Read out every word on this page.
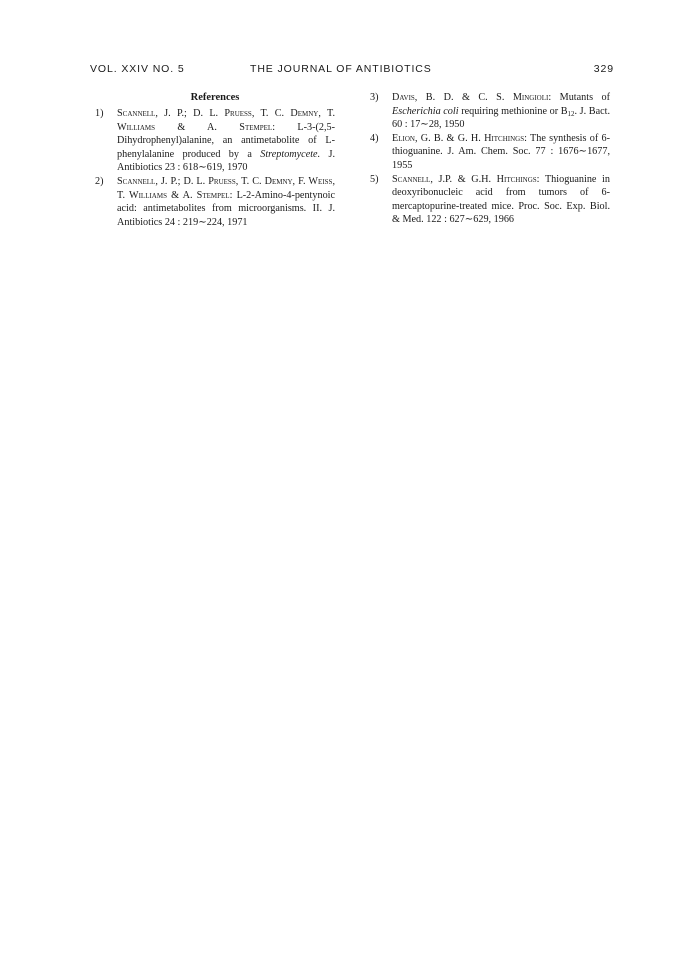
VOL. XXIV NO. 5	THE JOURNAL OF ANTIBIOTICS	329
References
1) Scannell, J. P.; D. L. Pruess, T. C. Demny, T. Williams & A. Stempel: L-3-(2,5-Dihydrophenyl)alanine, an antimetabolite of L-phenylalanine produced by a Streptomycete. J. Antibiotics 23 : 618∼619, 1970
2) Scannell, J. P.; D. L. Pruess, T. C. Demny, F. Weiss, T. Williams & A. Stempel: L-2-Amino-4-pentynoic acid: antimetabolites from microorganisms. II. J. Antibiotics 24 : 219∼224, 1971
3) Davis, B. D. & C. S. Mingioli: Mutants of Escherichia coli requiring methionine or $B_{12}$. J. Bact. 60 : 17∼28, 1950
4) Elion, G. B. & G. H. Hitchings: The synthesis of 6-thioguanine. J. Am. Chem. Soc. 77 : 1676∼1677, 1955
5) Scannell, J.P. & G.H. Hitchings: Thioguanine in deoxyribonucleic acid from tumors of 6-mercaptopurine-treated mice. Proc. Soc. Exp. Biol. & Med. 122 : 627∼629, 1966
